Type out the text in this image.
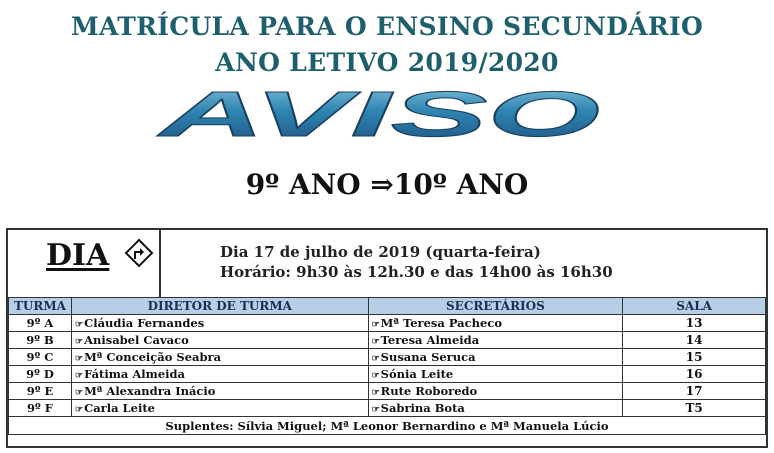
MATRÍCULA PARA O ENSINO SECUNDÁRIO
ANO LETIVO 2019/2020
AVISO
9º ANO ⇒10º ANO
DIA	Dia 17 de julho de 2019 (quarta-feira)
Horário: 9h30 às 12h.30 e das 14h00 às 16h30
TURMA	DIRETOR DE TURMA	SECRETÁRIOS	SALA
9º A	☞Cláudia Fernandes	☞Mª Teresa Pacheco	13
9º B	☞Anisabel Cavaco	☞Teresa Almeida	14
9º C	☞Mª Conceição Seabra	☞Susana Seruca	15
9º D	☞Fátima Almeida	☞Sónia Leite	16
9º E	☞Mª Alexandra Inácio	☞Rute Roboredo	17
9º F	☞Carla Leite	☞Sabrina Bota	T5
Suplentes: Sílvia Miguel; Mª Leonor Bernardino e Mª Manuela Lúcio			
